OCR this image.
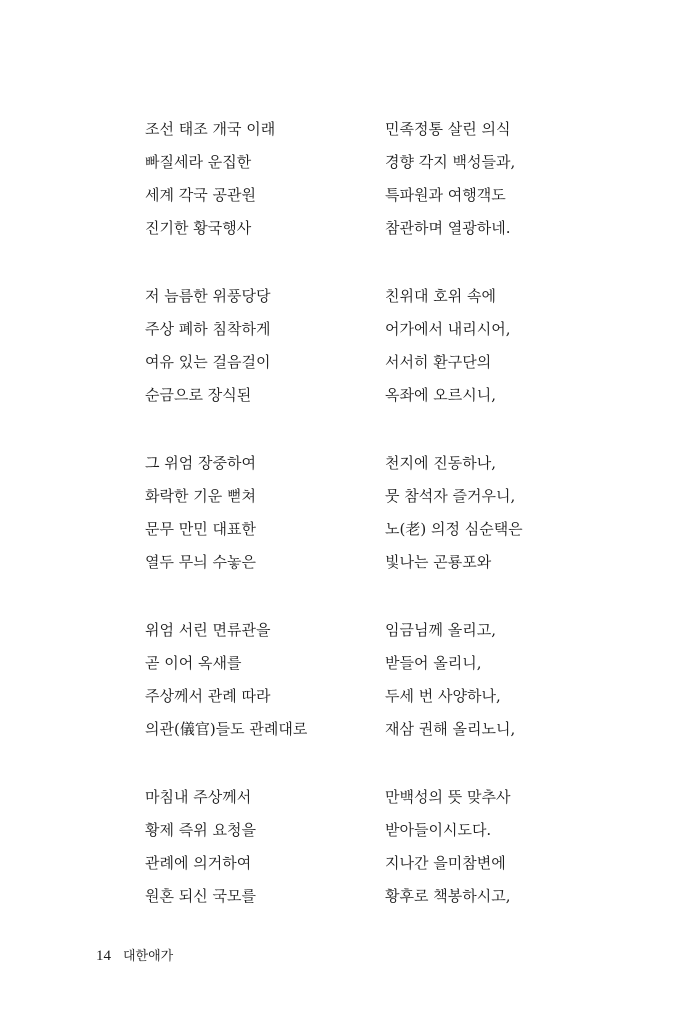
조선 태조 개국 이래
빠질세라 운집한
세계 각국 공관원
진기한 황국행사
민족정통 살린 의식
경향 각지 백성들과,
특파원과 여행객도
참관하며 열광하네.
저 늠름한 위풍당당
주상 폐하 침착하게
여유 있는 걸음걸이
순금으로 장식된
친위대 호위 속에
어가에서 내리시어,
서서히 환구단의
옥좌에 오르시니,
그 위엄 장중하여
화락한 기운 뻗쳐
문무 만민 대표한
열두 무늬 수놓은
천지에 진동하나,
뭇 참석자 즐거우니,
노(老) 의정 심순택은
빛나는 곤룡포와
위엄 서린 면류관을
곧 이어 옥새를
주상께서 관례 따라
의관(儀官)들도 관례대로
임금님께 올리고,
받들어 올리니,
두세 번 사양하나,
재삼 권해 올리노니,
마침내 주상께서
황제 즉위 요청을
관례에 의거하여
원혼 되신 국모를
만백성의 뜻 맞추사
받아들이시도다.
지나간 을미참변에
황후로 책봉하시고,
14 대한애가
